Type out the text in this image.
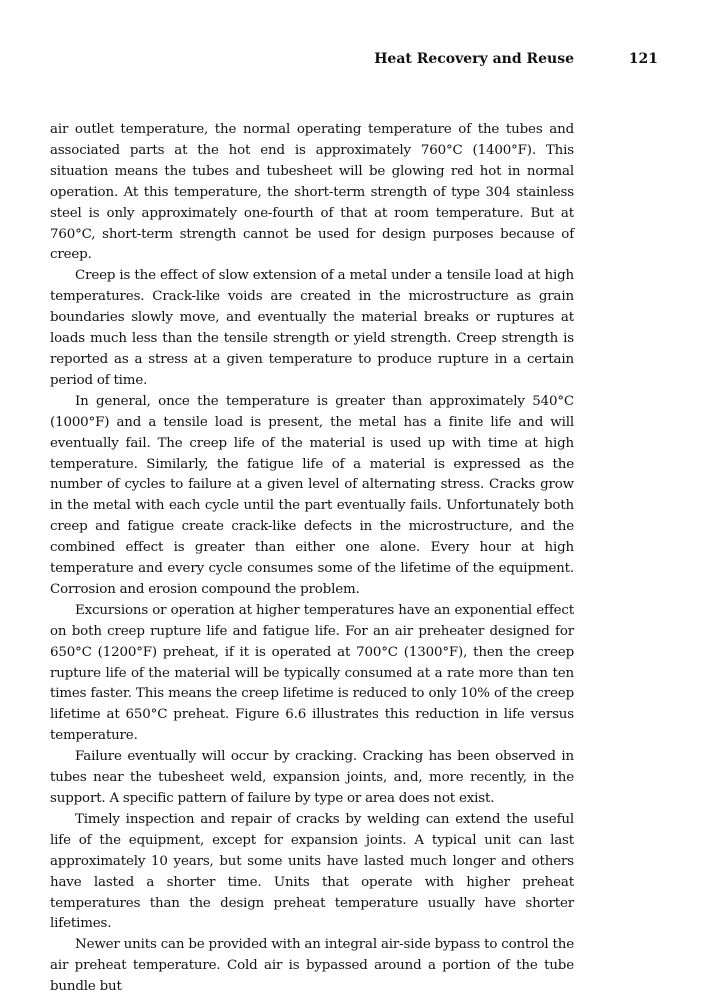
Heat Recovery and Reuse	121

air outlet temperature, the normal operating temperature of the tubes and associated parts at the hot end is approximately 760°C (1400°F). This situation means the tubes and tubesheet will be glowing red hot in normal operation. At this temperature, the short-term strength of type 304 stainless steel is only approximately one-fourth of that at room temperature. But at 760°C, short-term strength cannot be used for design purposes because of creep.

Creep is the effect of slow extension of a metal under a tensile load at high temperatures. Crack-like voids are created in the microstructure as grain boundaries slowly move, and eventually the material breaks or ruptures at loads much less than the tensile strength or yield strength. Creep strength is reported as a stress at a given temperature to produce rupture in a certain period of time.

In general, once the temperature is greater than approximately 540°C (1000°F) and a tensile load is present, the metal has a finite life and will eventually fail. The creep life of the material is used up with time at high temperature. Similarly, the fatigue life of a material is expressed as the number of cycles to failure at a given level of alternating stress. Cracks grow in the metal with each cycle until the part eventually fails. Unfortunately both creep and fatigue create crack-like defects in the microstructure, and the combined effect is greater than either one alone. Every hour at high temperature and every cycle consumes some of the lifetime of the equipment. Corrosion and erosion compound the problem.

Excursions or operation at higher temperatures have an exponential effect on both creep rupture life and fatigue life. For an air preheater designed for 650°C (1200°F) preheat, if it is operated at 700°C (1300°F), then the creep rupture life of the material will be typically consumed at a rate more than ten times faster. This means the creep lifetime is reduced to only 10% of the creep lifetime at 650°C preheat. Figure 6.6 illustrates this reduction in life versus temperature.

Failure eventually will occur by cracking. Cracking has been observed in tubes near the tubesheet weld, expansion joints, and, more recently, in the support. A specific pattern of failure by type or area does not exist.

Timely inspection and repair of cracks by welding can extend the useful life of the equipment, except for expansion joints. A typical unit can last approximately 10 years, but some units have lasted much longer and others have lasted a shorter time. Units that operate with higher preheat temperatures than the design preheat temperature usually have shorter lifetimes.

Newer units can be provided with an integral air-side bypass to control the air preheat temperature. Cold air is bypassed around a portion of the tube bundle but
